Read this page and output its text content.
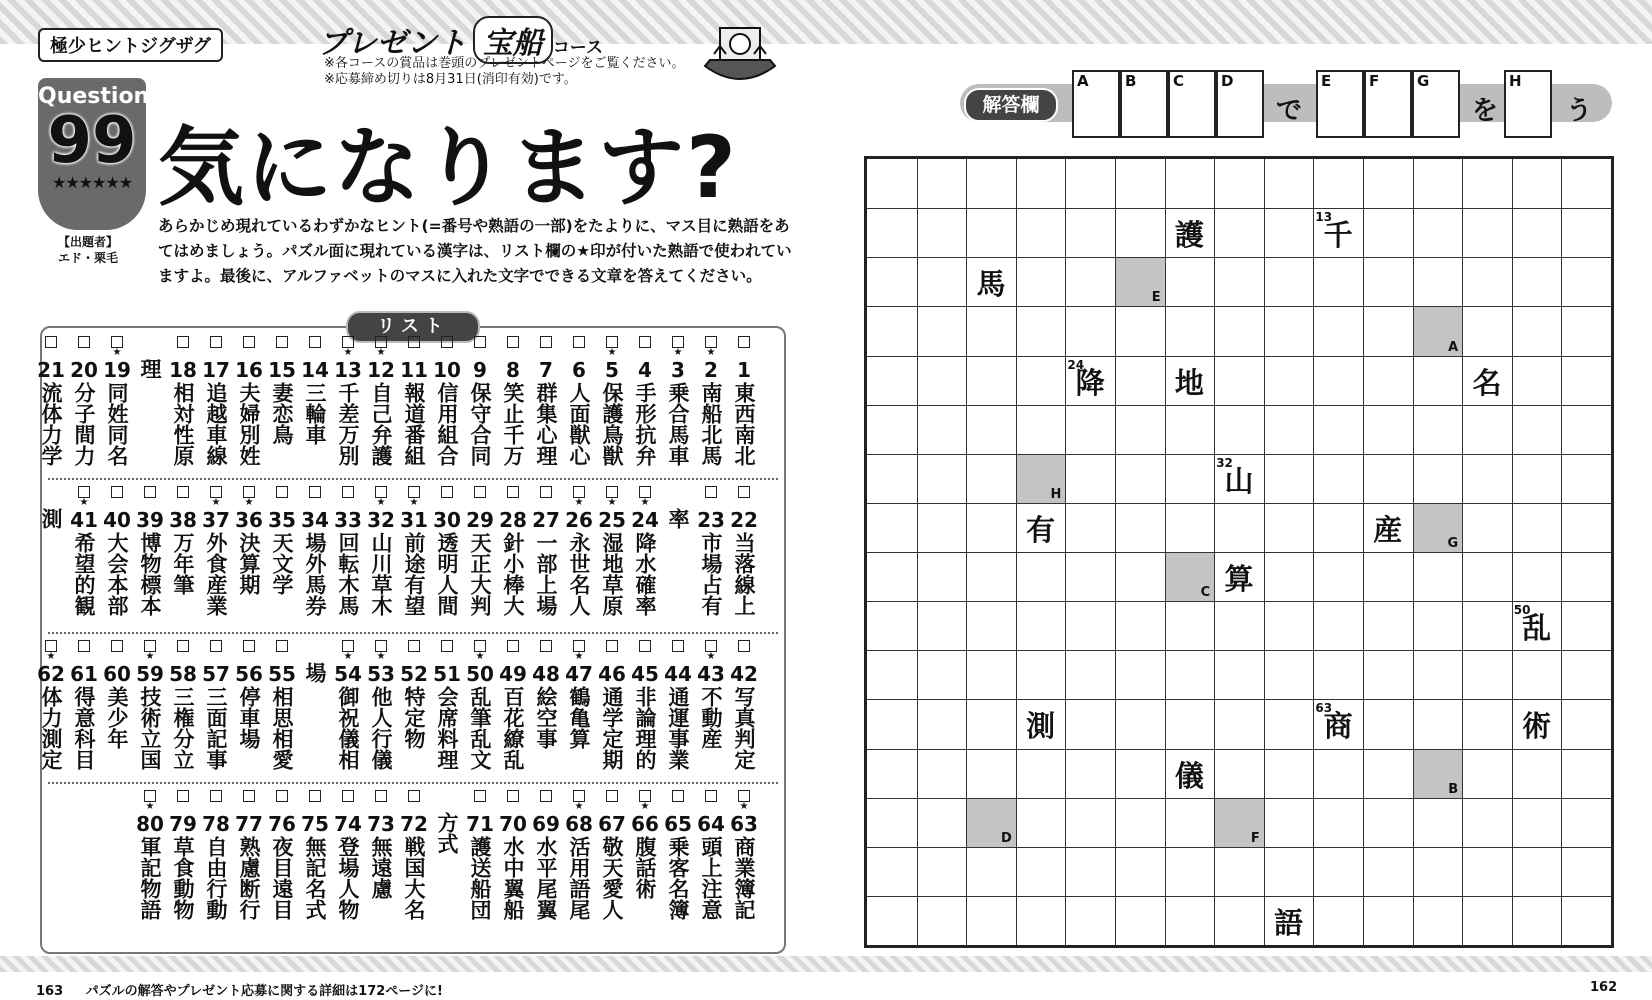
極少ヒントジグザグ	プレゼント 宝船 コース
※各コースの賞品は巻頭のプレゼントページをご覧ください。
※応募締め切りは8月31日(消印有効)です。
Question
99
★★★★★★
【出題者】
エド・栗毛
気になります?
あらかじめ現れているわずかなヒント(=番号や熟語の一部)をたよりに、マス目に熟語をあてはめましょう。パズル面に現れている漢字は、リスト欄の★印が付いた熟語で使われていますよ。最後に、アルファベットのマスに入れた文字でできる文章を答えてください。
リスト
1
東西南北
★
2
南船北馬
★
3
乗合馬車
4
手形抗弁
★
5
保護鳥獣
6
人面獣心
7
群集心理
8
笑止千万
9
保守合同
10
信用組合
11
報道番組
★
12
自己弁護
★
13
千差万別
14
三輪車
15
妻恋鳥
16
夫婦別姓
17
追越車線
18
相対性原
理
★
19
同姓同名
20
分子間力
21
流体力学
22
当落線上
23
市場占有
率
★
24
降水確率
★
25
湿地草原
★
26
永世名人
27
一部上場
28
針小棒大
29
天正大判
30
透明人間
★
31
前途有望
★
32
山川草木
33
回転木馬
34
場外馬券
35
天文学
★
36
決算期
★
37
外食産業
38
万年筆
39
博物標本
40
大会本部
★
41
希望的観
測
42
写真判定
★
43
不動産
44
通運事業
45
非論理的
46
通学定期
★
47
鶴亀算
48
絵空事
49
百花繚乱
★
50
乱筆乱文
51
会席料理
52
特定物
★
53
他人行儀
★
54
御祝儀相
場
55
相思相愛
56
停車場
57
三面記事
58
三権分立
★
59
技術立国
60
美少年
61
得意科目
★
62
体力測定
★
63
商業簿記
64
頭上注意
65
乗客名簿
★
66
腹話術
67
敬天愛人
★
68
活用語尾
69
水平尾翼
70
水中翼船
71
護送船団
方式
72
戦国大名
73
無遠慮
74
登場人物
75
無記名式
76
夜目遠目
77
熟慮断行
78
自由行動
79
草食動物
★
80
軍記物語
解答欄
A B C D	E	F	G	H
で	を	う
E
A
H
G
C
B
D	F
護	千
13
馬
降
24
地	名
山
32
有	産
算
乱
50
測	商
63
術
儀
語
163 パズルの解答やプレゼント応募に関する詳細は172ページに!	162
